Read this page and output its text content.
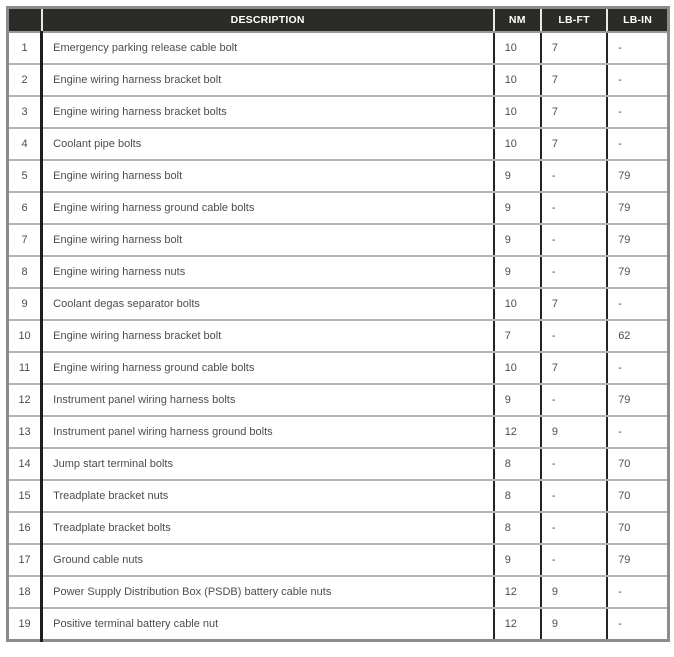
	DESCRIPTION	NM	LB-FT	LB-IN
1	Emergency parking release cable bolt	10	7	-
2	Engine wiring harness bracket bolt	10	7	-
3	Engine wiring harness bracket bolts	10	7	-
4	Coolant pipe bolts	10	7	-
5	Engine wiring harness bolt	9	-	79
6	Engine wiring harness ground cable bolts	9	-	79
7	Engine wiring harness bolt	9	-	79
8	Engine wiring harness nuts	9	-	79
9	Coolant degas separator bolts	10	7	-
10	Engine wiring harness bracket bolt	7	-	62
11	Engine wiring harness ground cable bolts	10	7	-
12	Instrument panel wiring harness bolts	9	-	79
13	Instrument panel wiring harness ground bolts	12	9	-
14	Jump start terminal bolts	8	-	70
15	Treadplate bracket nuts	8	-	70
16	Treadplate bracket bolts	8	-	70
17	Ground cable nuts	9	-	79
18	Power Supply Distribution Box (PSDB) battery cable nuts	12	9	-
19	Positive terminal battery cable nut	12	9	-
